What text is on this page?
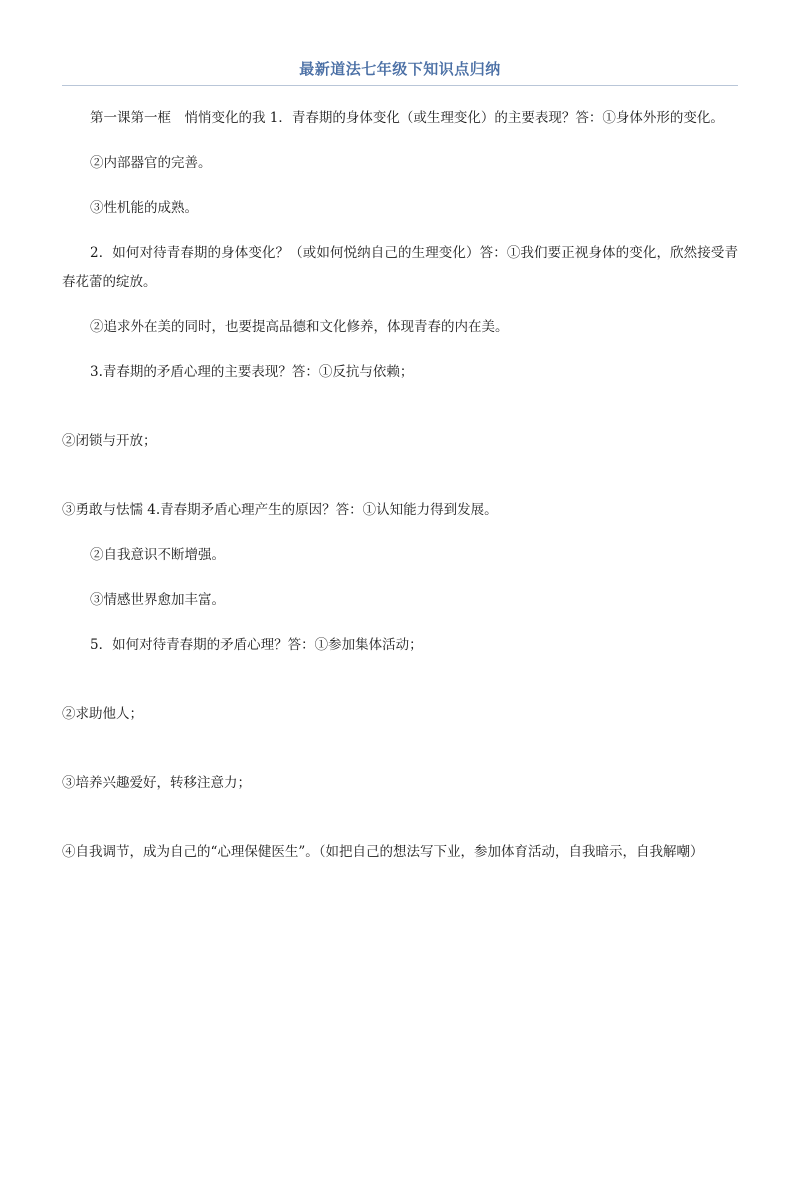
最新道法七年级下知识点归纳

第一课第一框　悄悄变化的我 1．青春期的身体变化（或生理变化）的主要表现？答：①身体外形的变化。

②内部器官的完善。

③性机能的成熟。

2．如何对待青春期的身体变化？（或如何悦纳自己的生理变化）答：①我们要正视身体的变化，欣然接受青春花蕾的绽放。

②追求外在美的同时，也要提高品德和文化修养，体现青春的内在美。

3.青春期的矛盾心理的主要表现？答：①反抗与依赖；

②闭锁与开放；

③勇敢与怯懦 4.青春期矛盾心理产生的原因？答：①认知能力得到发展。

②自我意识不断增强。

③情感世界愈加丰富。

5．如何对待青春期的矛盾心理？答：①参加集体活动；

②求助他人；

③培养兴趣爱好，转移注意力；

④自我调节，成为自己的“心理保健医生”。（如把自己的想法写下业，参加体育活动，自我暗示，自我解嘲）
